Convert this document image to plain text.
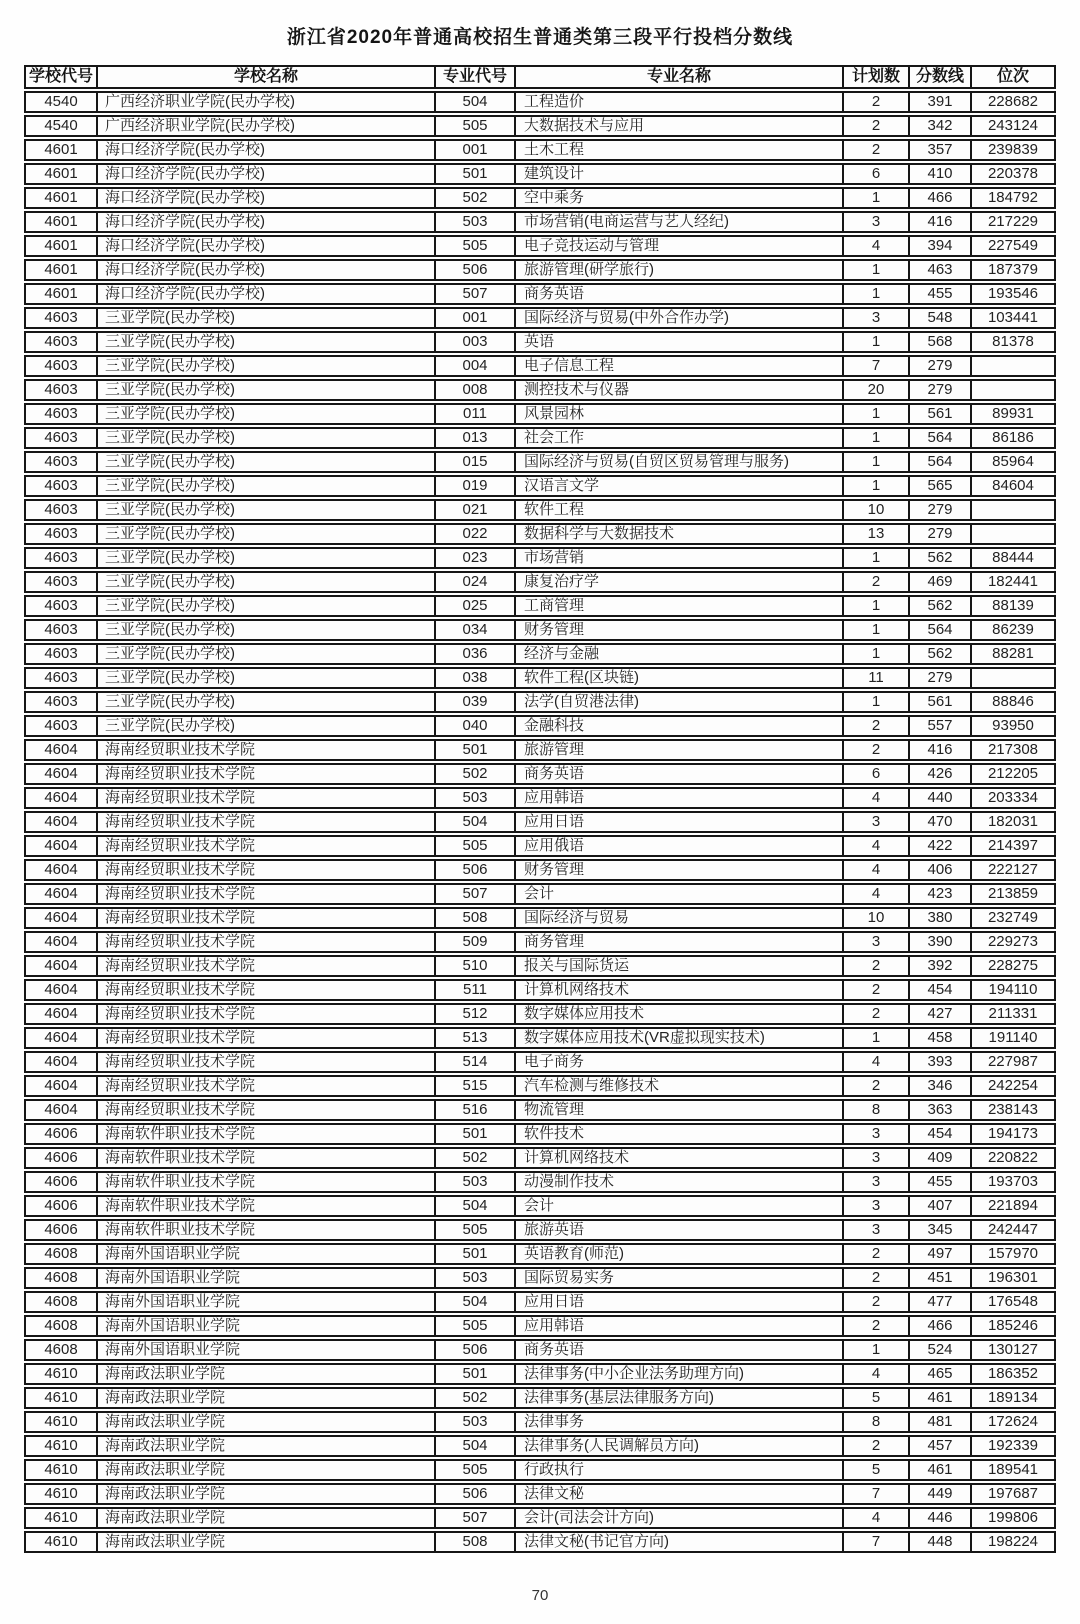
浙江省2020年普通高校招生普通类第三段平行投档分数线
学校代号	学校名称	专业代号	专业名称	计划数 分数线	位次
4540	广西经济职业学院(民办学校)	504	工程造价	2	391	228682
4540	广西经济职业学院(民办学校)	505	大数据技术与应用	2	342	243124
4601	海口经济学院(民办学校)	001	土木工程	2	357	239839
4601	海口经济学院(民办学校)	501	建筑设计	6	410	220378
4601	海口经济学院(民办学校)	502	空中乘务	1	466	184792
4601	海口经济学院(民办学校)	503	市场营销(电商运营与艺人经纪)	3	416	217229
4601	海口经济学院(民办学校)	505	电子竞技运动与管理	4	394	227549
4601	海口经济学院(民办学校)	506	旅游管理(研学旅行)	1	463	187379
4601	海口经济学院(民办学校)	507	商务英语	1	455	193546
4603	三亚学院(民办学校)	001	国际经济与贸易(中外合作办学)	3	548	103441
4603	三亚学院(民办学校)	003	英语	1	568	81378
4603	三亚学院(民办学校)	004	电子信息工程	7	279
4603	三亚学院(民办学校)	008	测控技术与仪器	20	279
4603	三亚学院(民办学校)	011	风景园林	1	561	89931
4603	三亚学院(民办学校)	013	社会工作	1	564	86186
4603	三亚学院(民办学校)	015	国际经济与贸易(自贸区贸易管理与服务)	1	564	85964
4603	三亚学院(民办学校)	019	汉语言文学	1	565	84604
4603	三亚学院(民办学校)	021	软件工程	10	279
4603	三亚学院(民办学校)	022	数据科学与大数据技术	13	279
4603	三亚学院(民办学校)	023	市场营销	1	562	88444
4603	三亚学院(民办学校)	024	康复治疗学	2	469	182441
4603	三亚学院(民办学校)	025	工商管理	1	562	88139
4603	三亚学院(民办学校)	034	财务管理	1	564	86239
4603	三亚学院(民办学校)	036	经济与金融	1	562	88281
4603	三亚学院(民办学校)	038	软件工程(区块链)	11	279
4603	三亚学院(民办学校)	039	法学(自贸港法律)	1	561	88846
4603	三亚学院(民办学校)	040	金融科技	2	557	93950
4604	海南经贸职业技术学院	501	旅游管理	2	416	217308
4604	海南经贸职业技术学院	502	商务英语	6	426	212205
4604	海南经贸职业技术学院	503	应用韩语	4	440	203334
4604	海南经贸职业技术学院	504	应用日语	3	470	182031
4604	海南经贸职业技术学院	505	应用俄语	4	422	214397
4604	海南经贸职业技术学院	506	财务管理	4	406	222127
4604	海南经贸职业技术学院	507	会计	4	423	213859
4604	海南经贸职业技术学院	508	国际经济与贸易	10	380	232749
4604	海南经贸职业技术学院	509	商务管理	3	390	229273
4604	海南经贸职业技术学院	510	报关与国际货运	2	392	228275
4604	海南经贸职业技术学院	511	计算机网络技术	2	454	194110
4604	海南经贸职业技术学院	512	数字媒体应用技术	2	427	211331
4604	海南经贸职业技术学院	513	数字媒体应用技术(VR虚拟现实技术)	1	458	191140
4604	海南经贸职业技术学院	514	电子商务	4	393	227987
4604	海南经贸职业技术学院	515	汽车检测与维修技术	2	346	242254
4604	海南经贸职业技术学院	516	物流管理	8	363	238143
4606	海南软件职业技术学院	501	软件技术	3	454	194173
4606	海南软件职业技术学院	502	计算机网络技术	3	409	220822
4606	海南软件职业技术学院	503	动漫制作技术	3	455	193703
4606	海南软件职业技术学院	504	会计	3	407	221894
4606	海南软件职业技术学院	505	旅游英语	3	345	242447
4608	海南外国语职业学院	501	英语教育(师范)	2	497	157970
4608	海南外国语职业学院	503	国际贸易实务	2	451	196301
4608	海南外国语职业学院	504	应用日语	2	477	176548
4608	海南外国语职业学院	505	应用韩语	2	466	185246
4608	海南外国语职业学院	506	商务英语	1	524	130127
4610	海南政法职业学院	501	法律事务(中小企业法务助理方向)	4	465	186352
4610	海南政法职业学院	502	法律事务(基层法律服务方向)	5	461	189134
4610	海南政法职业学院	503	法律事务	8	481	172624
4610	海南政法职业学院	504	法律事务(人民调解员方向)	2	457	192339
4610	海南政法职业学院	505	行政执行	5	461	189541
4610	海南政法职业学院	506	法律文秘	7	449	197687
4610	海南政法职业学院	507	会计(司法会计方向)	4	446	199806
4610	海南政法职业学院	508	法律文秘(书记官方向)	7	448	198224
70
